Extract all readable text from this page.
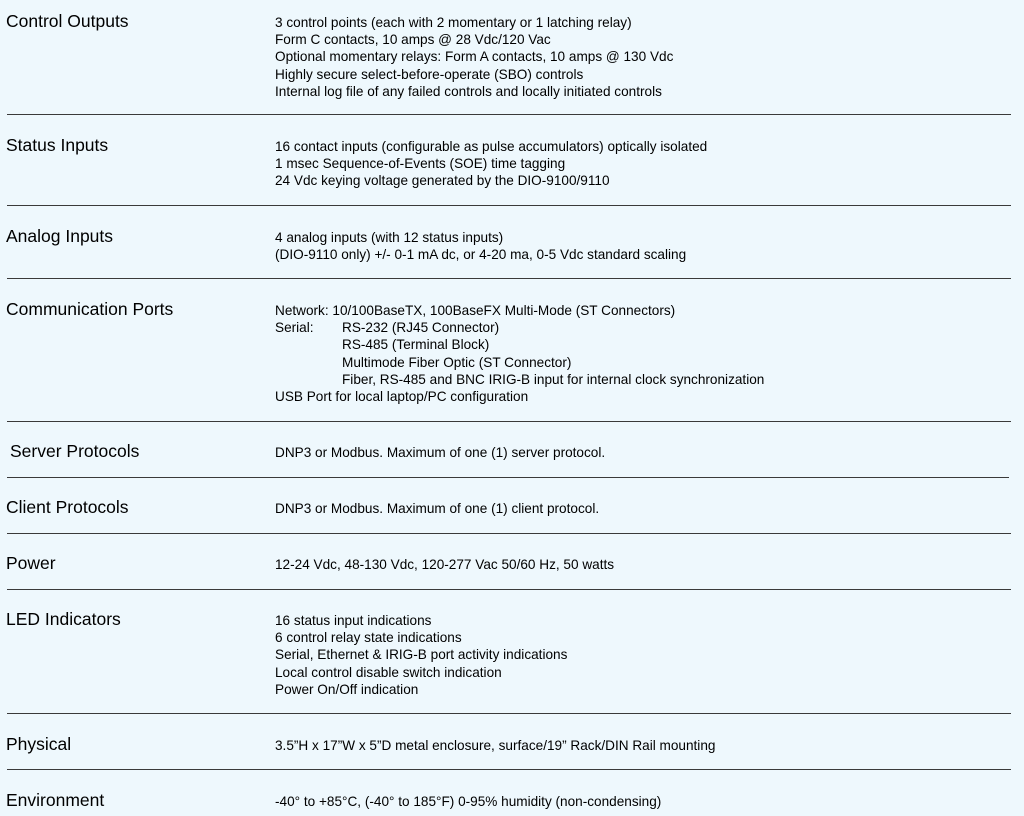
Control Outputs	3 control points (each with 2 momentary or 1 latching relay)
Form C contacts, 10 amps @ 28 Vdc/120 Vac
Optional momentary relays: Form A contacts, 10 amps @ 130 Vdc
Highly secure select-before-operate (SBO) controls
Internal log file of any failed controls and locally initiated controls
Status Inputs	16 contact inputs (configurable as pulse accumulators) optically isolated
1 msec Sequence-of-Events (SOE) time tagging
24 Vdc keying voltage generated by the DIO-9100/9110
Analog Inputs	4 analog inputs (with 12 status inputs)
(DIO-9110 only) +/- 0-1 mA dc, or 4-20 ma, 0-5 Vdc standard scaling
Communication Ports	Network: 10/100BaseTX, 100BaseFX Multi-Mode (ST Connectors)
Serial: RS-232 (RJ45 Connector)
RS-485 (Terminal Block)
Multimode Fiber Optic (ST Connector)
Fiber, RS-485 and BNC IRIG-B input for internal clock synchronization
USB Port for local laptop/PC configuration
Server Protocols	DNP3 or Modbus. Maximum of one (1) server protocol.
Client Protocols	DNP3 or Modbus. Maximum of one (1) client protocol.
Power	12-24 Vdc, 48-130 Vdc, 120-277 Vac 50/60 Hz, 50 watts
LED Indicators	16 status input indications
6 control relay state indications
Serial, Ethernet & IRIG-B port activity indications
Local control disable switch indication
Power On/Off indication
Physical	3.5”H x 17”W x 5”D metal enclosure, surface/19” Rack/DIN Rail mounting
Environment	-40° to +85°C, (-40° to 185°F) 0-95% humidity (non-condensing)
